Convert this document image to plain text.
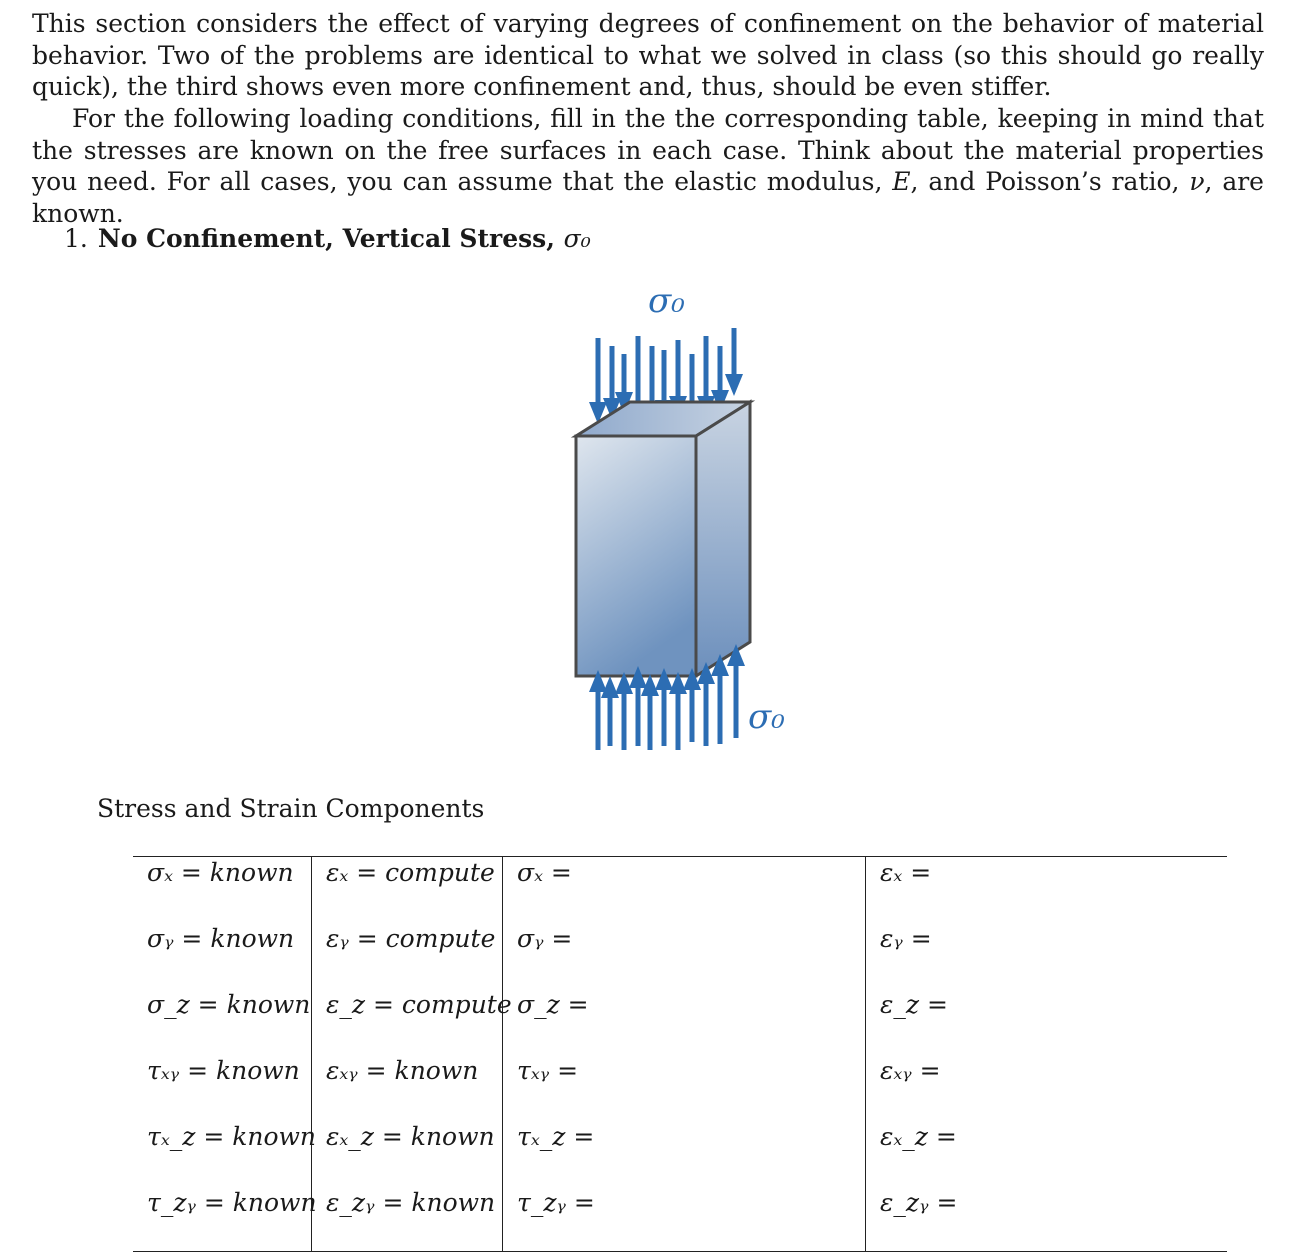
This section considers the effect of varying degrees of confinement on the behavior of material behavior. Two of the problems are identical to what we solved in class (so this should go really quick), the third shows even more confinement and, thus, should be even stiffer.

For the following loading conditions, fill in the the corresponding table, keeping in mind that the stresses are known on the free surfaces in each case. Think about the material properties you need. For all cases, you can assume that the elastic modulus, E, and Poisson’s ratio, ν, are known.

1. No Confinement, Vertical Stress, σ₀
σ₀
σ₀
Stress and Strain Components
σₓ = known	εₓ = compute	σₓ =	εₓ =
σᵧ = known	εᵧ = compute	σᵧ =	εᵧ =
σ_z = known	ε_z = compute	σ_z =	ε_z =
τₓᵧ = known	εₓᵧ = known	τₓᵧ =	εₓᵧ =
τₓ_z = known	εₓ_z = known	τₓ_z =	εₓ_z =
τ_zᵧ = known	ε_zᵧ = known	τ_zᵧ =	ε_zᵧ =
